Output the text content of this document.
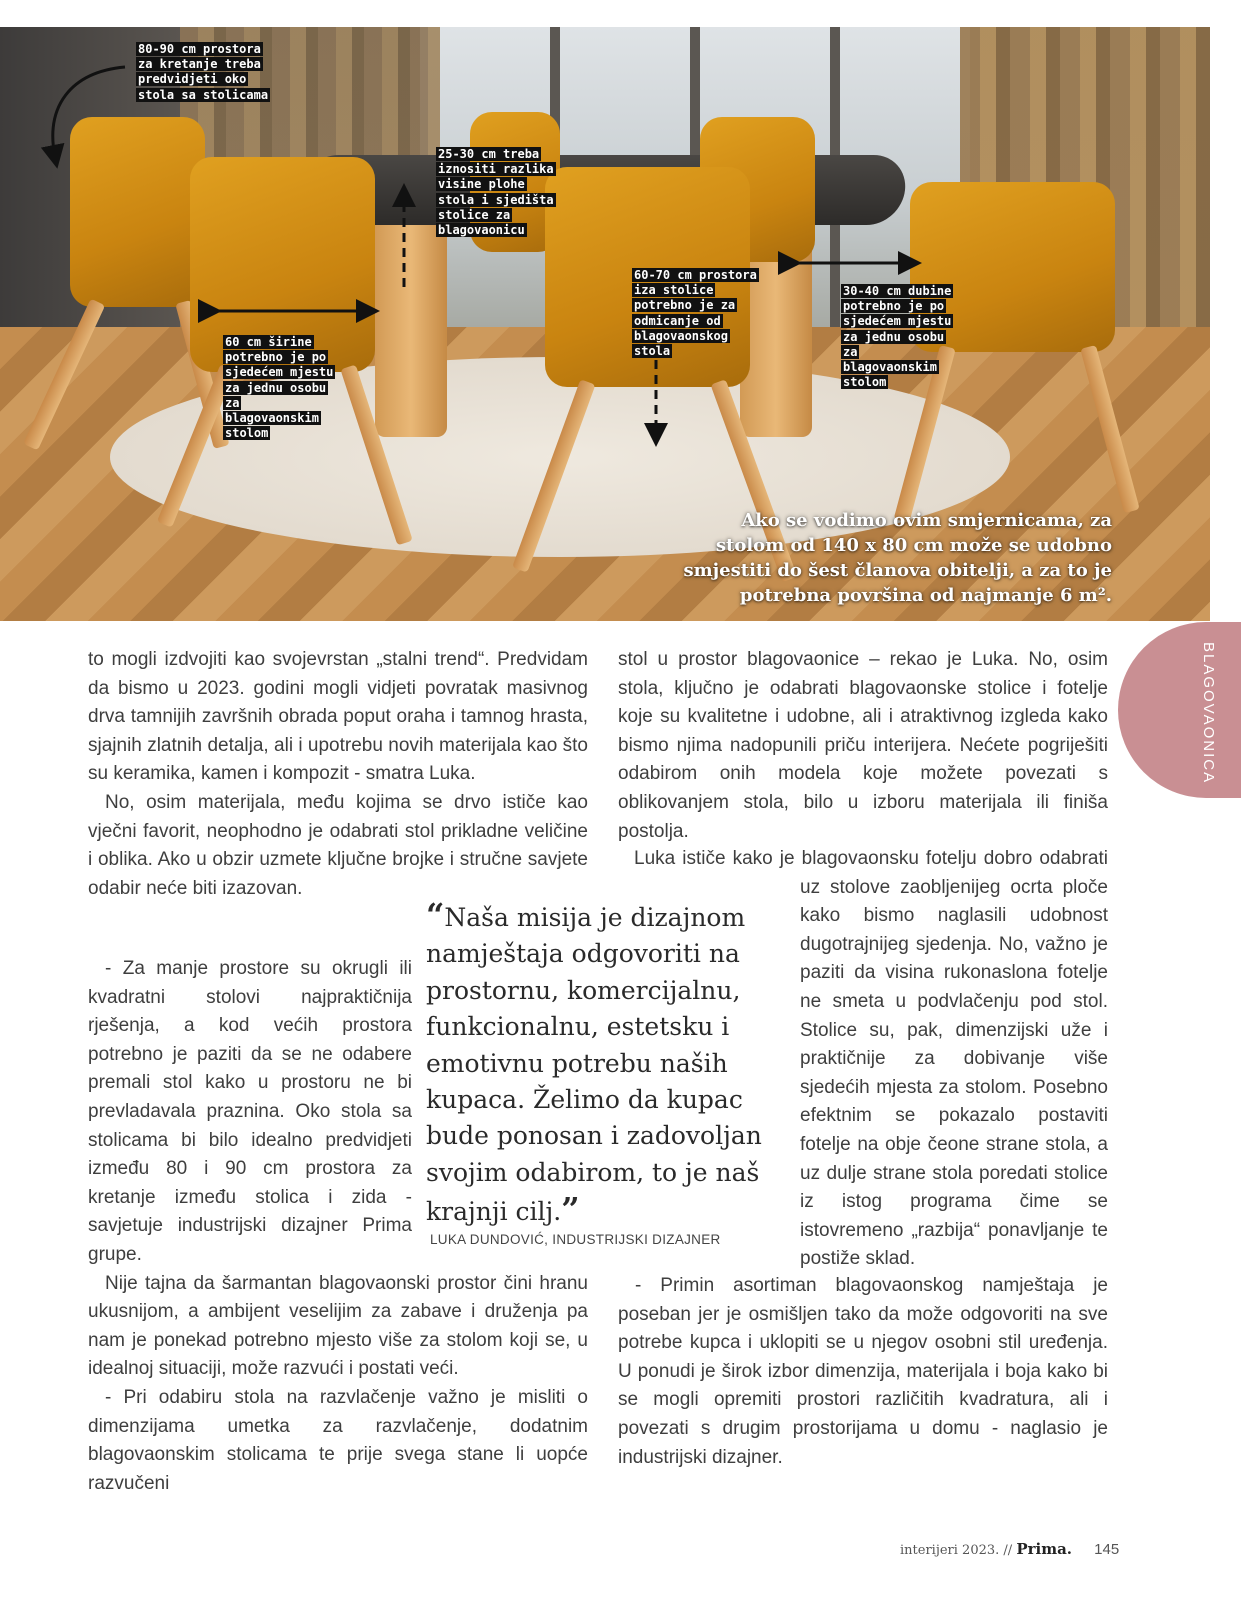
80-90 cm prostora za kretanje treba predvidjeti oko stola sa stolicama

25-30 cm treba iznositi razlika visine plohe stola i sjedišta stolice za blagovaonicu

60-70 cm prostora iza stolice potrebno je za odmicanje od blagovaonskog stola

30-40 cm dubine potrebno je po sjedećem mjestu za jednu osobu za blagovaonskim stolom

60 cm širine potrebno je po sjedećem mjestu za jednu osobu za blagovaonskim stolom

Ako se vodimo ovim smjernicama, za stolom od 140 x 80 cm može se udobno smjestiti do šest članova obitelji, a za to je potrebna površina od najmanje 6 m².

BLAGOVAONICA

to mogli izdvojiti kao svojevrstan „stalni trend“. Predvidam da bismo u 2023. godini mogli vidjeti povratak masivnog drva tamnijih završnih obrada poput oraha i tamnog hrasta, sjajnih zlatnih detalja, ali i upotrebu novih materijala kao što su keramika, kamen i kompozit - smatra Luka.

No, osim materijala, među kojima se drvo ističe kao vječni favorit, neophodno je odabrati stol prikladne veličine i oblika. Ako u obzir uzmete ključne brojke i stručne savjete odabir neće biti izazovan.

- Za manje prostore su okrugli ili kvadratni stolovi najpraktičnija rješenja, a kod većih prostora potrebno je paziti da se ne odabere premali stol kako u prostoru ne bi prevladavala praznina. Oko stola sa stolicama bi bilo idealno predvidjeti između 80 i 90 cm prostora za kretanje između stolica i zida - savjetuje industrijski dizajner Prima grupe.

Nije tajna da šarmantan blagovaonski prostor čini hranu ukusnijom, a ambijent veselijim za zabave i druženja pa nam je ponekad potrebno mjesto više za stolom koji se, u idealnoj situaciji, može razvući i postati veći.

- Pri odabiru stola na razvlačenje važno je misliti o dimenzijama umetka za razvlačenje, dodatnim blagovaonskim stolicama te prije svega stane li uopće razvučeni

stol u prostor blagovaonice – rekao je Luka. No, osim stola, ključno je odabrati blagovaonske stolice i fotelje koje su kvalitetne i udobne, ali i atraktivnog izgleda kako bismo njima nadopunili priču interijera. Nećete pogriješiti odabirom onih modela koje možete povezati s oblikovanjem stola, bilo u izboru materijala ili finiša postolja.

Luka ističe kako je blagovaonsku fotelju dobro odabrati uz stolove zaobljenijeg ocrta ploče kako bismo naglasili udobnost dugotrajnijeg sjedenja. No, važno je paziti da visina rukonaslona fotelje ne smeta u podvlačenju pod stol. Stolice su, pak, dimenzijski uže i praktičnije za dobivanje više sjedećih mjesta za stolom. Posebno efektnim se pokazalo postaviti fotelje na obje čeone strane stola, a uz dulje strane stola poredati stolice iz istog programa čime se istovremeno „razbija“ ponavljanje te postiže sklad.

- Primin asortiman blagovaonskog namještaja je poseban jer je osmišljen tako da može odgovoriti na sve potrebe kupca i uklopiti se u njegov osobni stil uređenja. U ponudi je širok izbor dimenzija, materijala i boja kako bi se mogli opremiti prostori različitih kvadratura, ali i povezati s drugim prostorijama u domu - naglasio je industrijski dizajner.

“Naša misija je dizajnom namještaja odgovoriti na prostornu, komercijalnu, funkcionalnu, estetsku i emotivnu potrebu naših kupaca. Želimo da kupac bude ponosan i zadovoljan svojim odabirom, to je naš krajnji cilj.”

LUKA DUNDOVIĆ, INDUSTRIJSKI DIZAJNER

interijeri 2023. // Prima. 145
